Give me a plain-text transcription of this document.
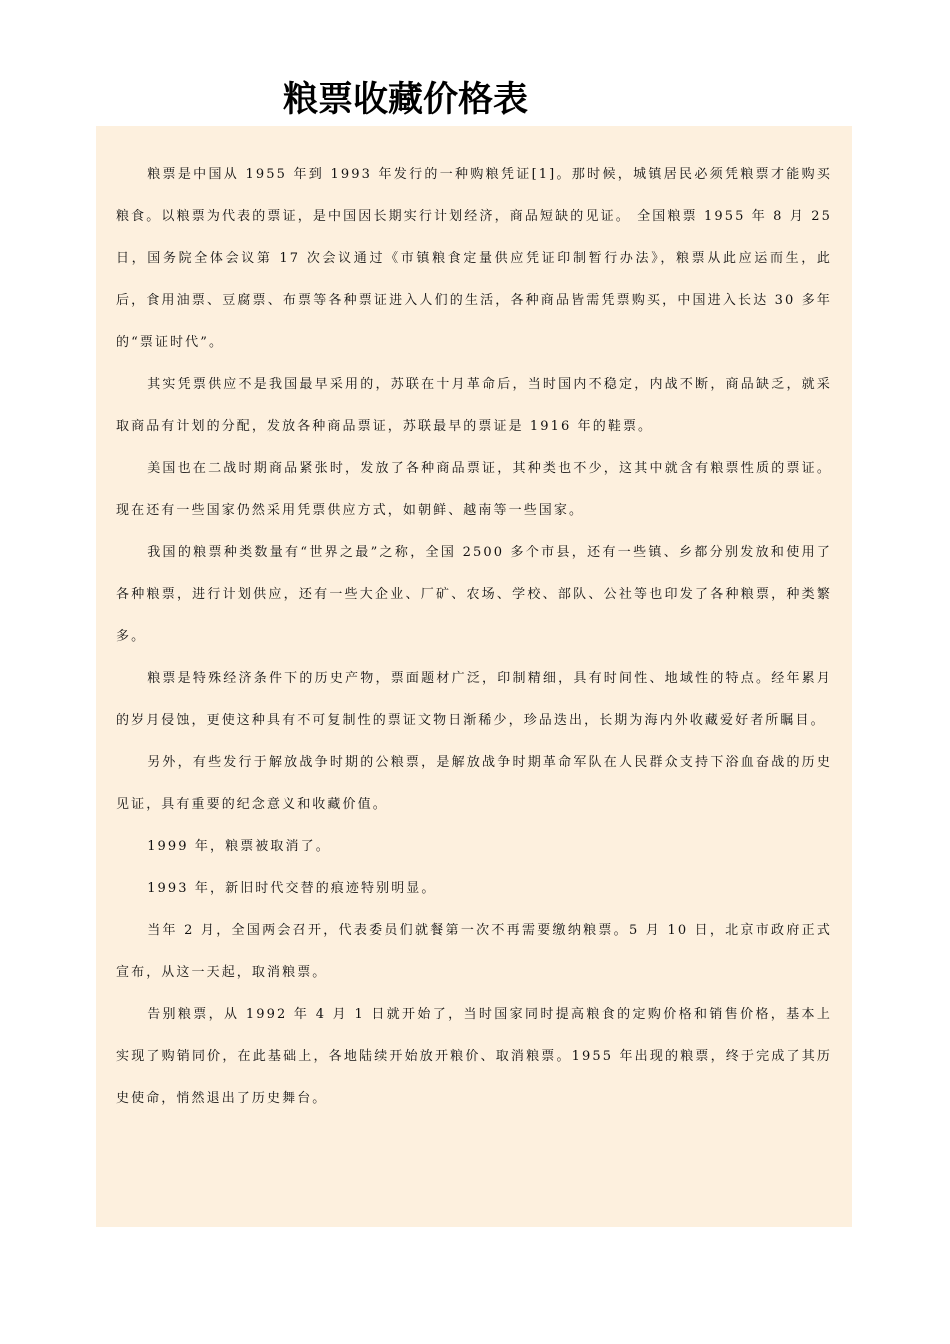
粮票收藏价格表

粮票是中国从 1955 年到 1993 年发行的一种购粮凭证[1]。那时候，城镇居民必须凭粮票才能购买粮食。以粮票为代表的票证，是中国因长期实行计划经济，商品短缺的见证。 全国粮票 1955 年 8 月 25 日，国务院全体会议第 17 次会议通过《市镇粮食定量供应凭证印制暂行办法》，粮票从此应运而生，此后，食用油票、豆腐票、布票等各种票证进入人们的生活，各种商品皆需凭票购买，中国进入长达 30 多年的“票证时代”。

其实凭票供应不是我国最早采用的，苏联在十月革命后，当时国内不稳定，内战不断，商品缺乏，就采取商品有计划的分配，发放各种商品票证，苏联最早的票证是 1916 年的鞋票。

美国也在二战时期商品紧张时，发放了各种商品票证，其种类也不少，这其中就含有粮票性质的票证。现在还有一些国家仍然采用凭票供应方式，如朝鲜、越南等一些国家。

我国的粮票种类数量有“世界之最”之称，全国 2500 多个市县，还有一些镇、乡都分别发放和使用了各种粮票，进行计划供应，还有一些大企业、厂矿、农场、学校、部队、公社等也印发了各种粮票，种类繁多。

粮票是特殊经济条件下的历史产物，票面题材广泛，印制精细，具有时间性、地域性的特点。经年累月的岁月侵蚀，更使这种具有不可复制性的票证文物日渐稀少，珍品迭出，长期为海内外收藏爱好者所瞩目。

另外，有些发行于解放战争时期的公粮票，是解放战争时期革命军队在人民群众支持下浴血奋战的历史见证，具有重要的纪念意义和收藏价值。

1999 年，粮票被取消了。

1993 年，新旧时代交替的痕迹特别明显。

当年 2 月，全国两会召开，代表委员们就餐第一次不再需要缴纳粮票。5 月 10 日，北京市政府正式宣布，从这一天起，取消粮票。

告别粮票，从 1992 年 4 月 1 日就开始了，当时国家同时提高粮食的定购价格和销售价格，基本上实现了购销同价，在此基础上，各地陆续开始放开粮价、取消粮票。1955 年出现的粮票，终于完成了其历史使命，悄然退出了历史舞台。
